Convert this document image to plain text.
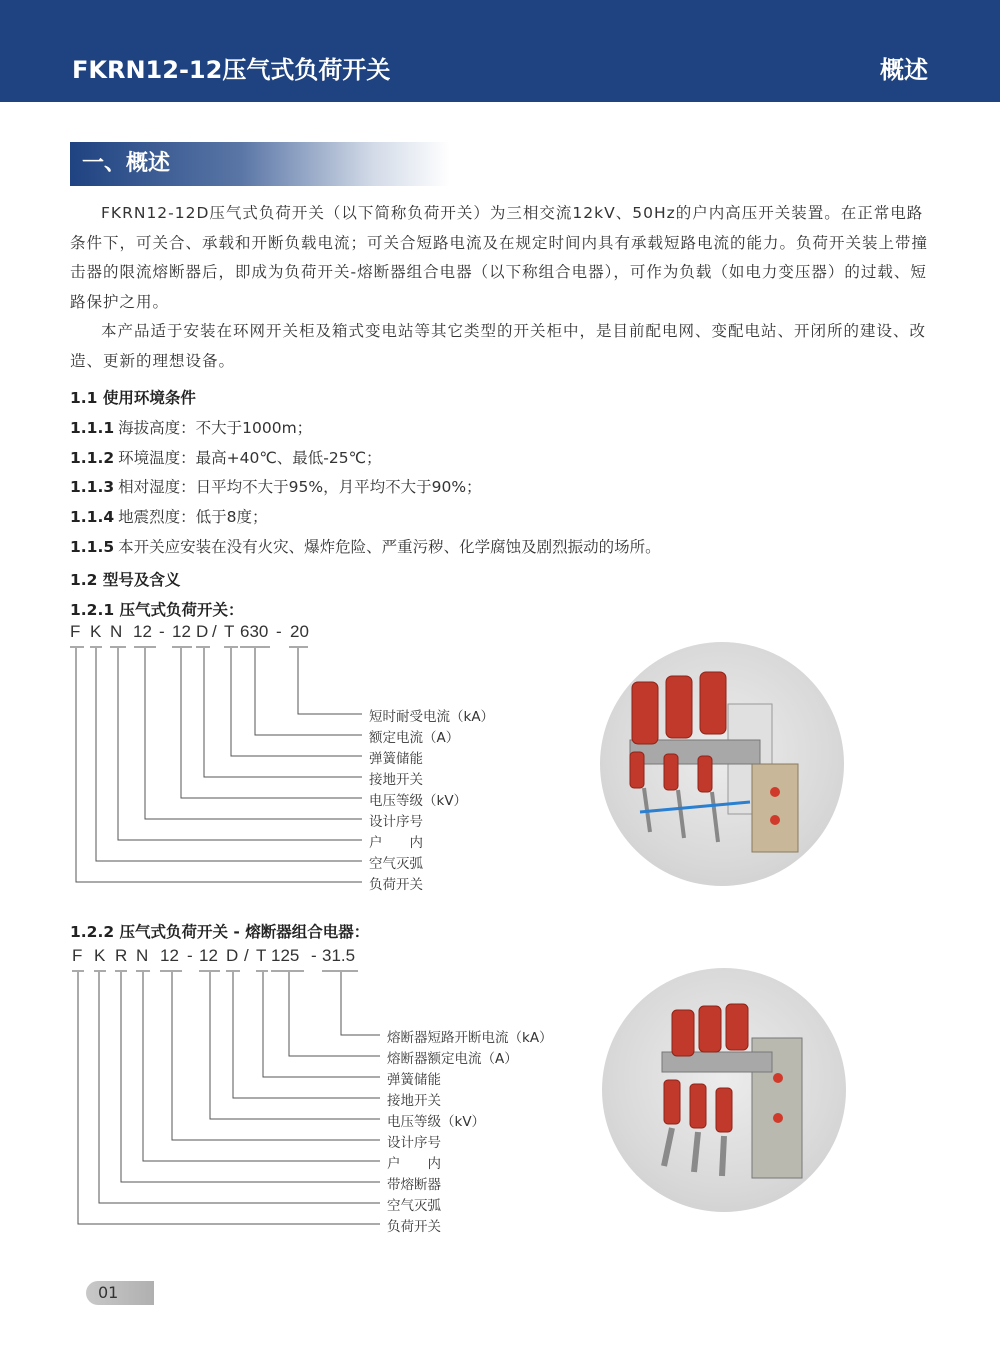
FKRN12-12压气式负荷开关	概述
一、概述

FKRN12-12D压气式负荷开关（以下简称负荷开关）为三相交流12kV、50Hz的户内高压开关装置。在正常电路条件下，可关合、承载和开断负载电流；可关合短路电流及在规定时间内具有承载短路电流的能力。负荷开关装上带撞击器的限流熔断器后，即成为负荷开关-熔断器组合电器（以下称组合电器），可作为负载（如电力变压器）的过载、短路保护之用。

本产品适于安装在环网开关柜及箱式变电站等其它类型的开关柜中，是目前配电网、变配电站、开闭所的建设、改造、更新的理想设备。

1.1 使用环境条件
1.1.1 海拔高度：不大于1000m；
1.1.2 环境温度：最高+40℃、最低-25℃；
1.1.3 相对湿度：日平均不大于95%，月平均不大于90%；
1.1.4 地震烈度：低于8度；
1.1.5 本开关应安装在没有火灾、爆炸危险、严重污秽、化学腐蚀及剧烈振动的场所。
1.2 型号及含义
1.2.1 压气式负荷开关：
F K N 12 - 12 D / T 630 - 20
短时耐受电流（kA）
额定电流（A）
弹簧储能
接地开关
电压等级（kV）
设计序号
户　　内
空气灭弧
负荷开关
1.2.2 压气式负荷开关 - 熔断器组合电器：
F K R N 12 - 12 D / T 125 - 31.5
熔断器短路开断电流（kA）
熔断器额定电流（A）
弹簧储能
接地开关
电压等级（kV）
设计序号
户　　内
带熔断器
空气灭弧
负荷开关
01
